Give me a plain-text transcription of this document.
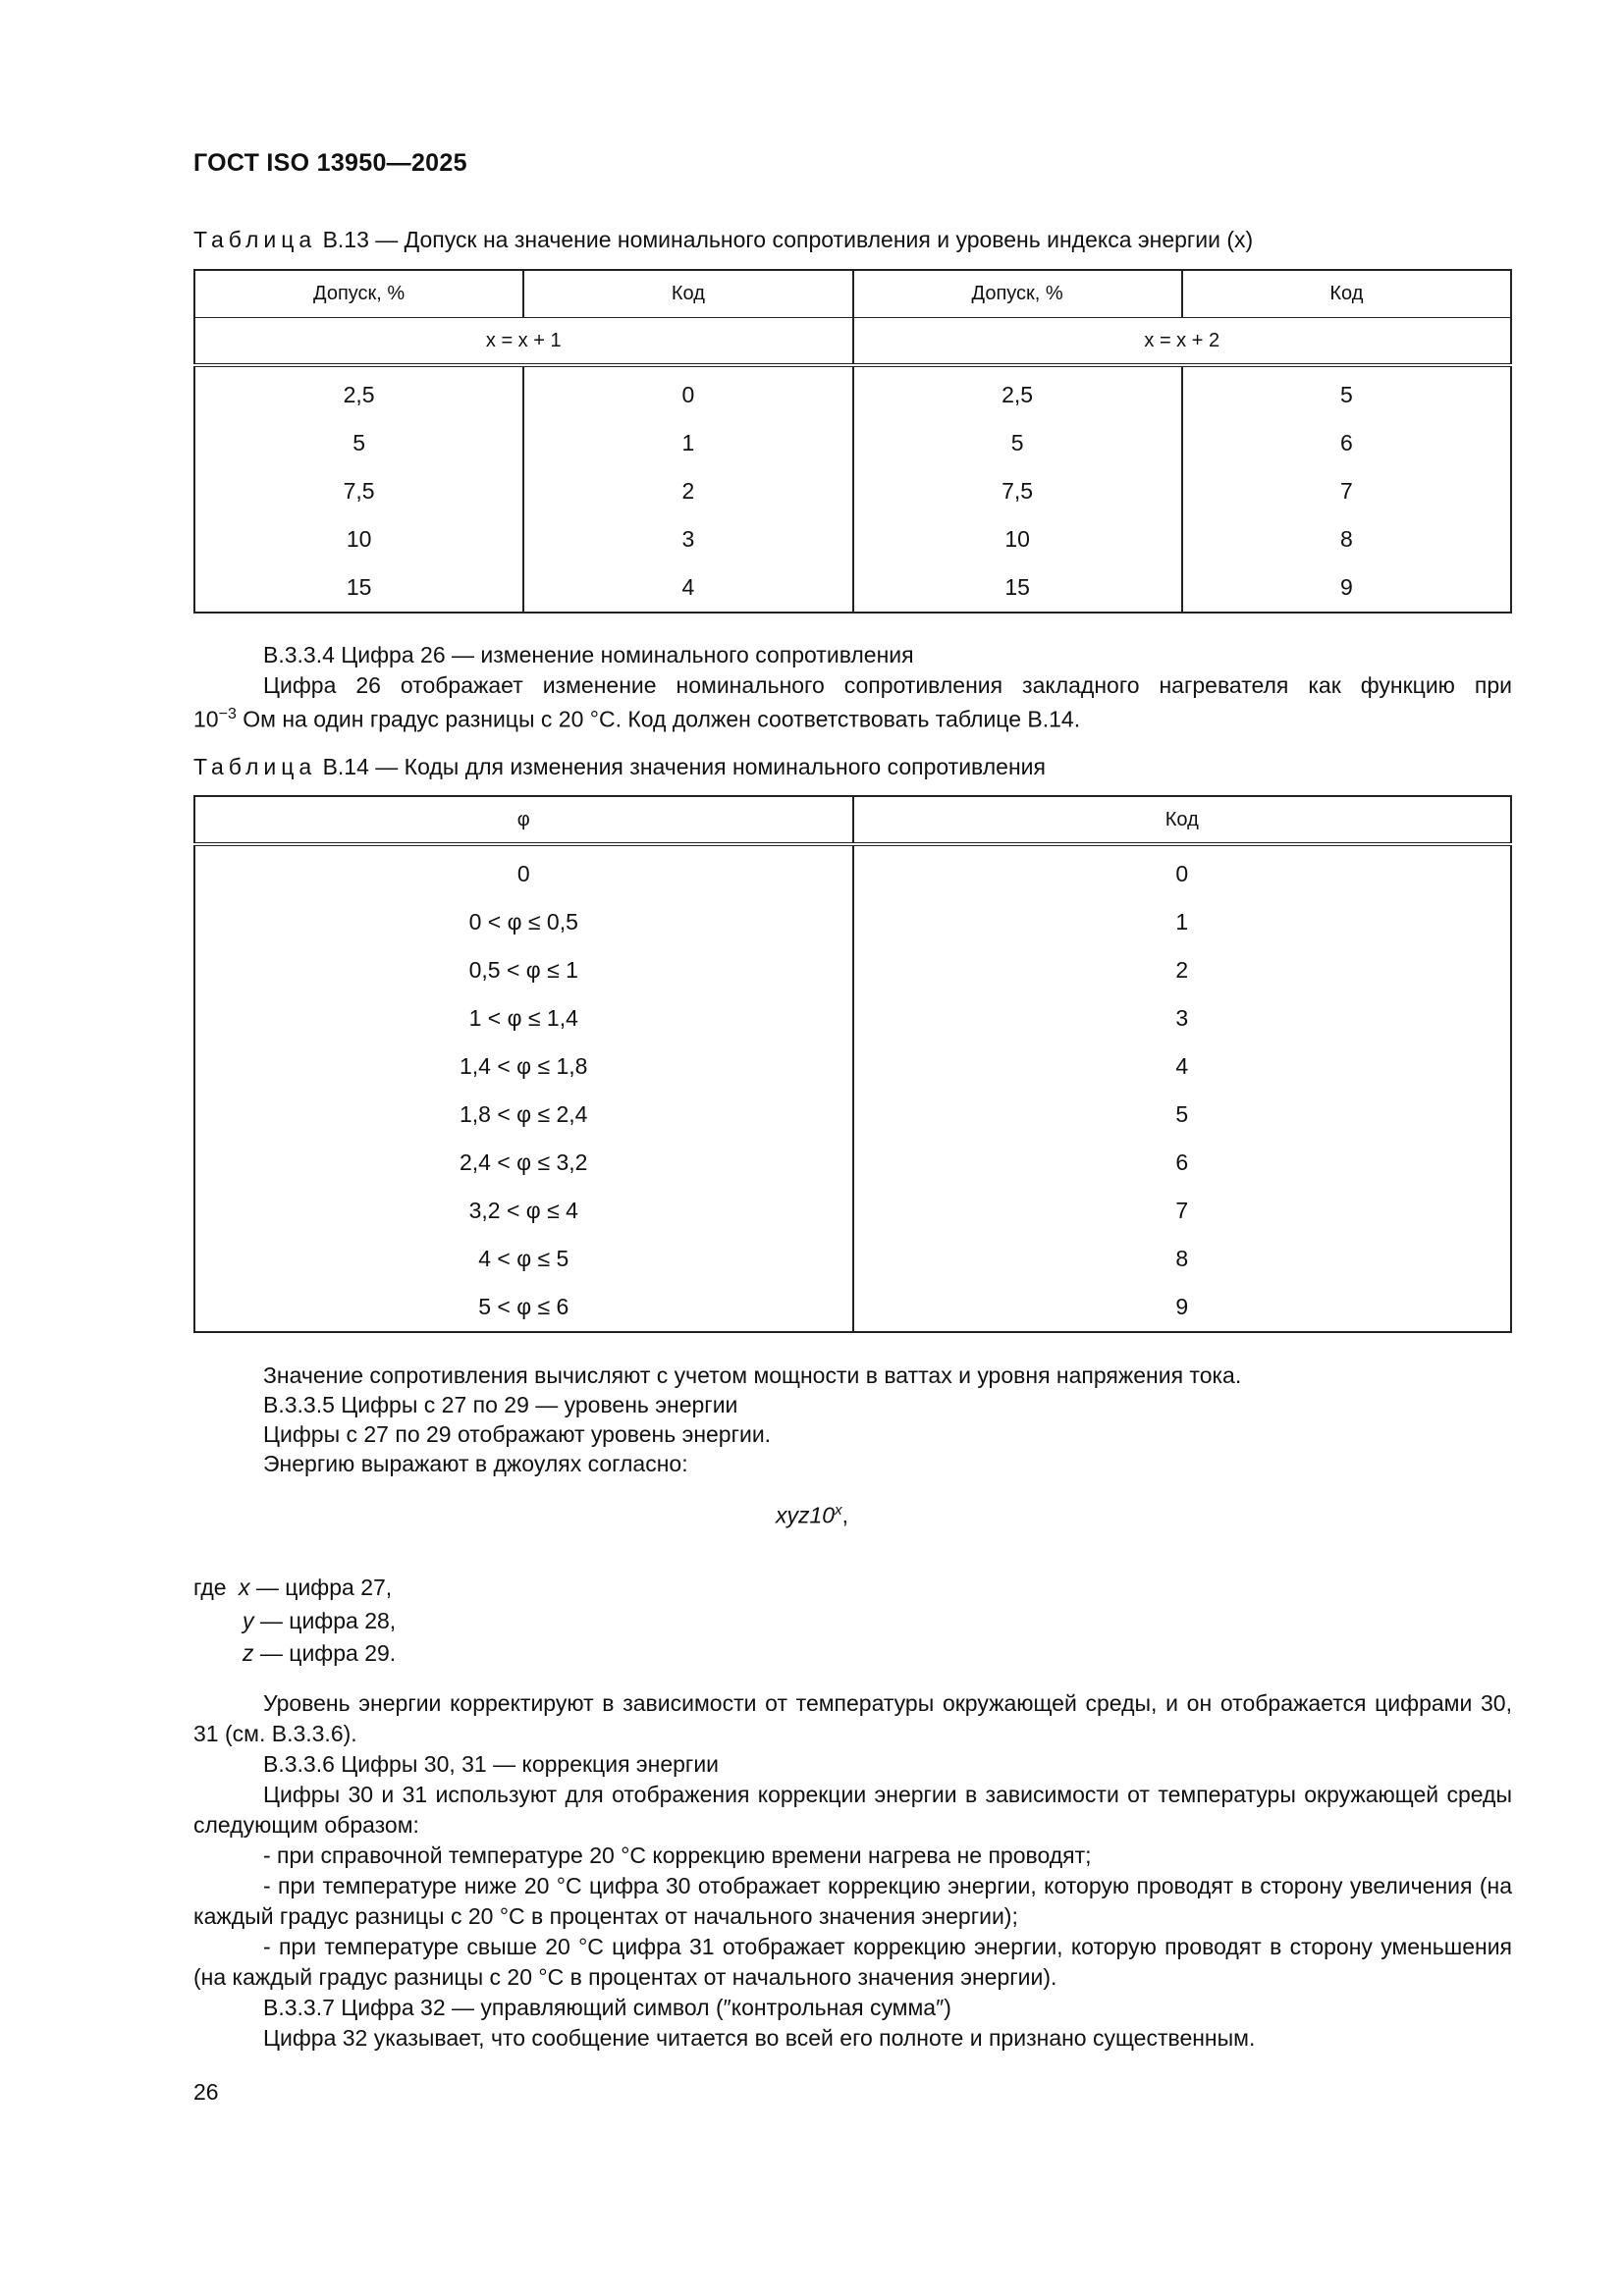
ГОСТ ISO 13950—2025
Таблица В.13 — Допуск на значение номинального сопротивления и уровень индекса энергии (x)
Допуск, %	Код	Допуск, %	Код
x = x + 1		x = x + 2	
2,5	0	2,5	5
5	1	5	6
7,5	2	7,5	7
10	3	10	8
15	4	15	9
В.3.3.4 Цифра 26 — изменение номинального сопротивления
Цифра 26 отображает изменение номинального сопротивления закладного нагревателя как функцию при
$10^{-3}$ Ом на один градус разницы с 20 °С. Код должен соответствовать таблице В.14.
Таблица В.14 — Коды для изменения значения номинального сопротивления
φ	Код
0	0
0 < φ ≤ 0,5	1
0,5 < φ ≤ 1	2
1 < φ ≤ 1,4	3
1,4 < φ ≤ 1,8	4
1,8 < φ ≤ 2,4	5
2,4 < φ ≤ 3,2	6
3,2 < φ ≤ 4	7
4 < φ ≤ 5	8
5 < φ ≤ 6	9
Значение сопротивления вычисляют с учетом мощности в ваттах и уровня напряжения тока.
В.3.3.5 Цифры с 27 по 29 — уровень энергии
Цифры с 27 по 29 отображают уровень энергии.
Энергию выражают в джоулях согласно:
xyz10$^x$,
где x — цифра 27,
y — цифра 28,
z — цифра 29.
Уровень энергии корректируют в зависимости от температуры окружающей среды, и он отображается цифрами 30, 31 (см. В.3.3.6).
В.3.3.6 Цифры 30, 31 — коррекция энергии
Цифры 30 и 31 используют для отображения коррекции энергии в зависимости от температуры окружающей среды следующим образом:
- при справочной температуре 20 °С коррекцию времени нагрева не проводят;
- при температуре ниже 20 °С цифра 30 отображает коррекцию энергии, которую проводят в сторону увеличения (на каждый градус разницы с 20 °С в процентах от начального значения энергии);
- при температуре свыше 20 °С цифра 31 отображает коррекцию энергии, которую проводят в сторону уменьшения (на каждый градус разницы с 20 °С в процентах от начального значения энергии).
В.3.3.7 Цифра 32 — управляющий символ (″контрольная сумма″)
Цифра 32 указывает, что сообщение читается во всей его полноте и признано существенным.
26
